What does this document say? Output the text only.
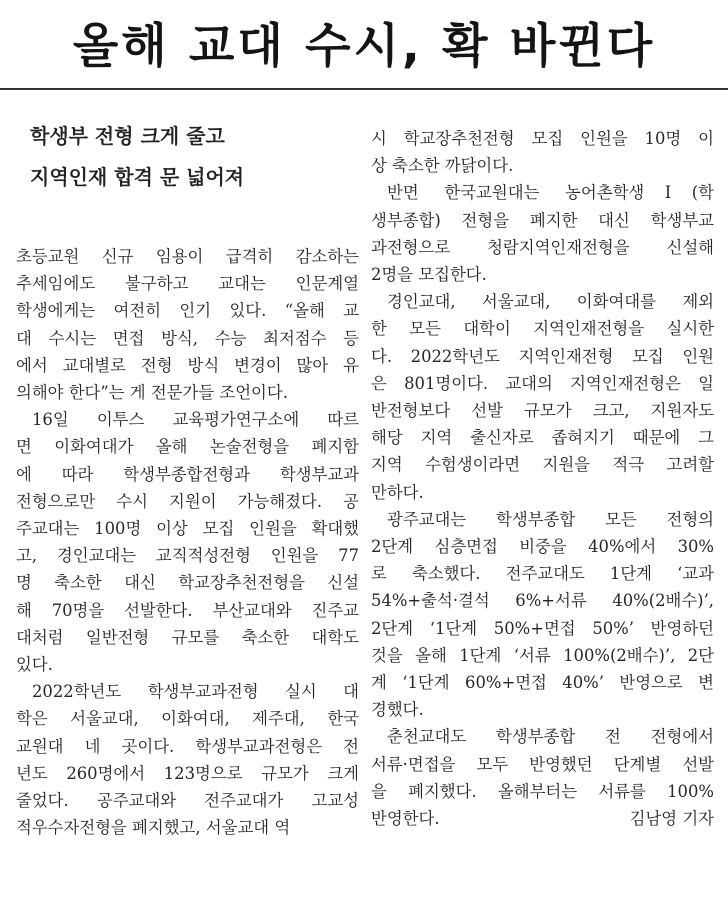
올해 교대 수시, 확 바뀐다
학생부 전형 크게 줄고
지역인재 합격 문 넓어져
초등교원 신규 임용이 급격히 감소하는
추세임에도 불구하고 교대는 인문계열
학생에게는 여전히 인기 있다. “올해 교
대 수시는 면접 방식, 수능 최저점수 등
에서 교대별로 전형 방식 변경이 많아 유
의해야 한다”는 게 전문가들 조언이다.
16일 이투스 교육평가연구소에 따르
면 이화여대가 올해 논술전형을 폐지함
에 따라 학생부종합전형과 학생부교과
전형으로만 수시 지원이 가능해졌다. 공
주교대는 100명 이상 모집 인원을 확대했
고, 경인교대는 교직적성전형 인원을 77
명 축소한 대신 학교장추천전형을 신설
해 70명을 선발한다. 부산교대와 진주교
대처럼 일반전형 규모를 축소한 대학도
있다.
2022학년도 학생부교과전형 실시 대
학은 서울교대, 이화여대, 제주대, 한국
교원대 네 곳이다. 학생부교과전형은 전
년도 260명에서 123명으로 규모가 크게
줄었다. 공주교대와 전주교대가 고교성
적우수자전형을 폐지했고, 서울교대 역
시 학교장추천전형 모집 인원을 10명 이
상 축소한 까닭이다.
반면 한국교원대는 농어촌학생Ⅰ(학
생부종합) 전형을 폐지한 대신 학생부교
과전형으로 청람지역인재전형을 신설해
2명을 모집한다.
경인교대, 서울교대, 이화여대를 제외
한 모든 대학이 지역인재전형을 실시한
다. 2022학년도 지역인재전형 모집 인원
은 801명이다. 교대의 지역인재전형은 일
반전형보다 선발 규모가 크고, 지원자도
해당 지역 출신자로 좁혀지기 때문에 그
지역 수험생이라면 지원을 적극 고려할
만하다.
광주교대는 학생부종합 모든 전형의
2단계 심층면접 비중을 40%에서 30%
로 축소했다. 전주교대도 1단계 ‘교과
54%+출석·결석 6%+서류 40%(2배수)’,
2단계 ‘1단계 50%+면접 50%’ 반영하던
것을 올해 1단계 ‘서류 100%(2배수)’, 2단
계 ‘1단계 60%+면접 40%’ 반영으로 변
경했다.
춘천교대도 학생부종합 전 전형에서
서류·면접을 모두 반영했던 단계별 선발
을 폐지했다. 올해부터는 서류를 100%
반영한다.	김남영 기자
